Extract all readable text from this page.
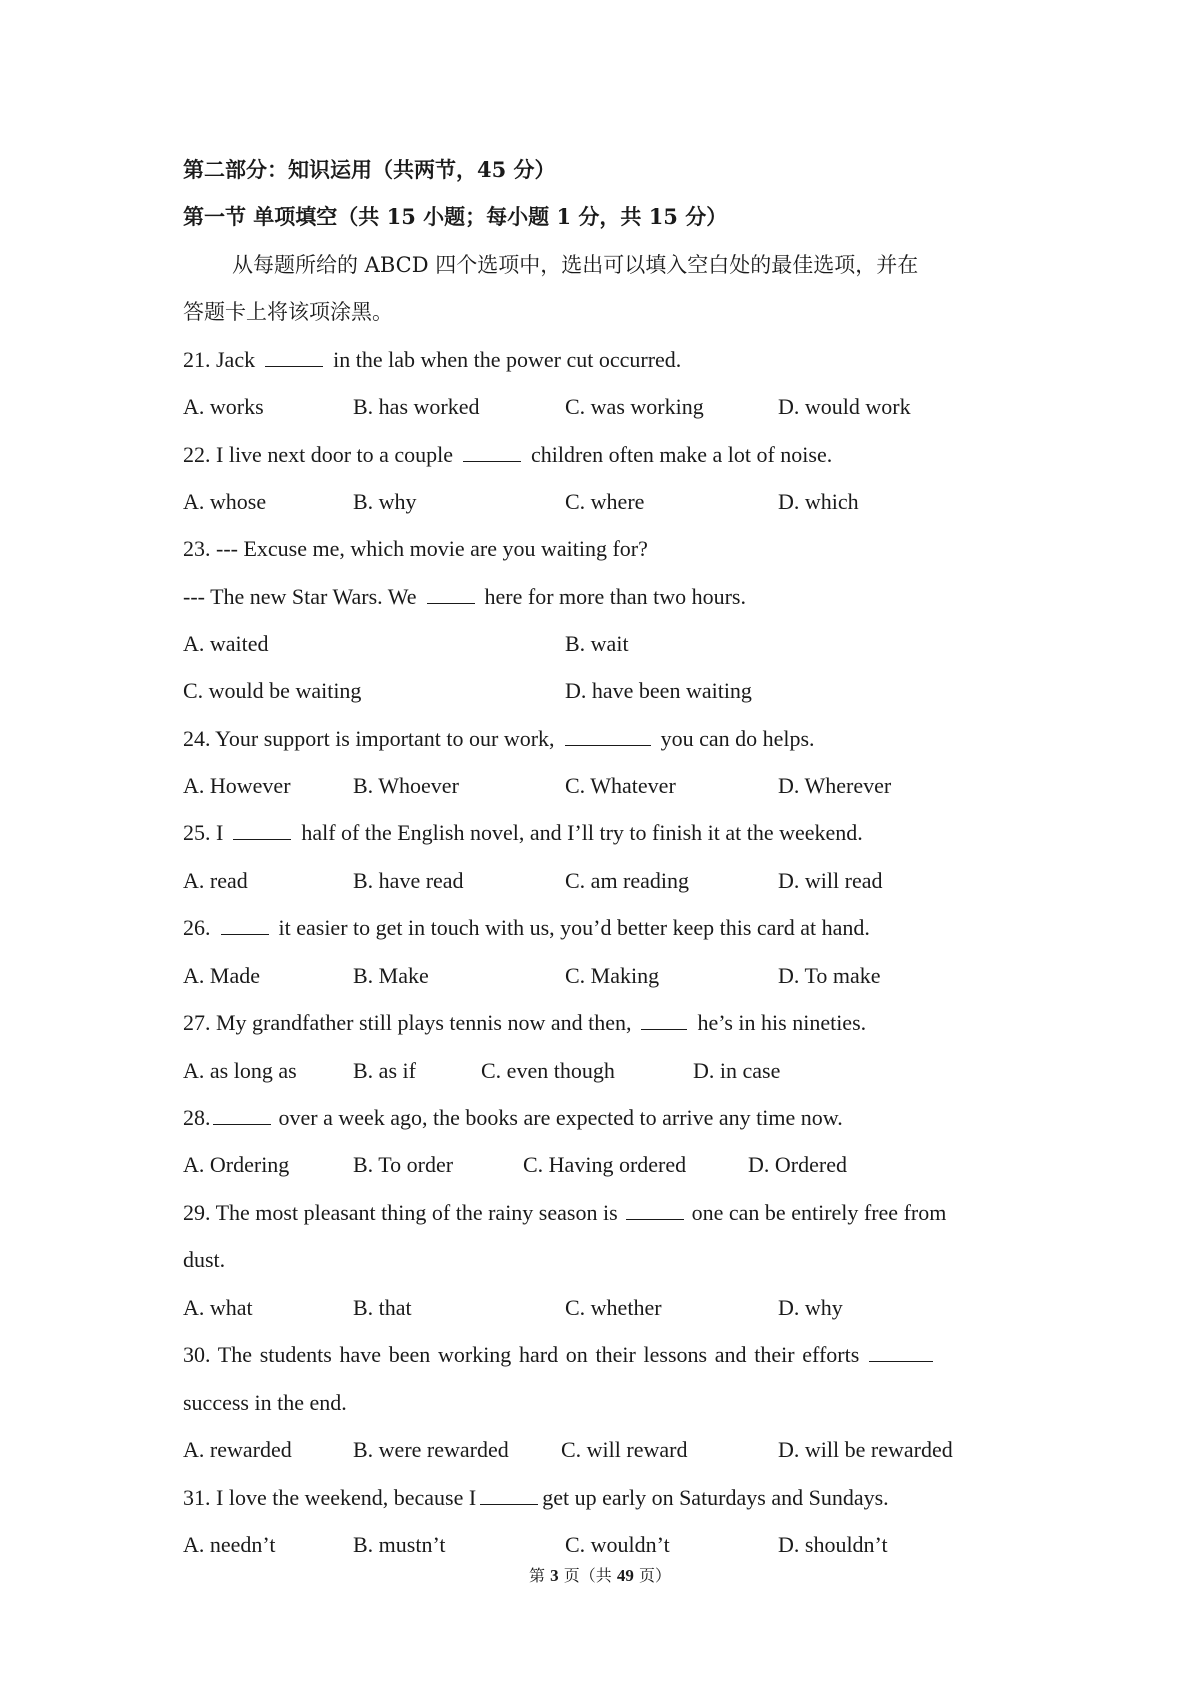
第二部分：知识运用（共两节，45 分）
第一节 单项填空（共 15 小题；每小题 1 分，共 15 分）
从每题所给的 ABCD 四个选项中，选出可以填入空白处的最佳选项，并在
答题卡上将该项涂黑。
21. Jack	in the lab when the power cut occurred.
A. works	B. has worked	C. was working	D. would work
22. I live next door to a couple	children often make a lot of noise.
A. whose	B. why	C. where	D. which
23. --- Excuse me, which movie are you waiting for?
--- The new Star Wars. We	here for more than two hours.
A. waited	B. wait
C. would be waiting	D. have been waiting
24. Your support is important to our work,	you can do helps.
A. However	B. Whoever	C. Whatever	D. Wherever
25. I	half of the English novel, and I’ll try to finish it at the weekend.
A. read	B. have read	C. am reading	D. will read
26.	it easier to get in touch with us, you’d better keep this card at hand.
A. Made	B. Make	C. Making	D. To make
27. My grandfather still plays tennis now and then,	he’s in his nineties.
A. as long as	B. as if	C. even though	D. in case
28.	over a week ago, the books are expected to arrive any time now.
A. Ordering	B. To order	C. Having ordered	D. Ordered
29. The most pleasant thing of the rainy season is	one can be entirely free from
dust.
A. what	B. that	C. whether	D. why
30. The students have been working hard on their lessons and their efforts
success in the end.
A. rewarded	B. were rewarded C. will reward	D. will be rewarded
31. I love the weekend, because I	get up early on Saturdays and Sundays.
A. needn’t	B. mustn’t	C. wouldn’t	D. shouldn’t
第 3 页（共 49 页）
